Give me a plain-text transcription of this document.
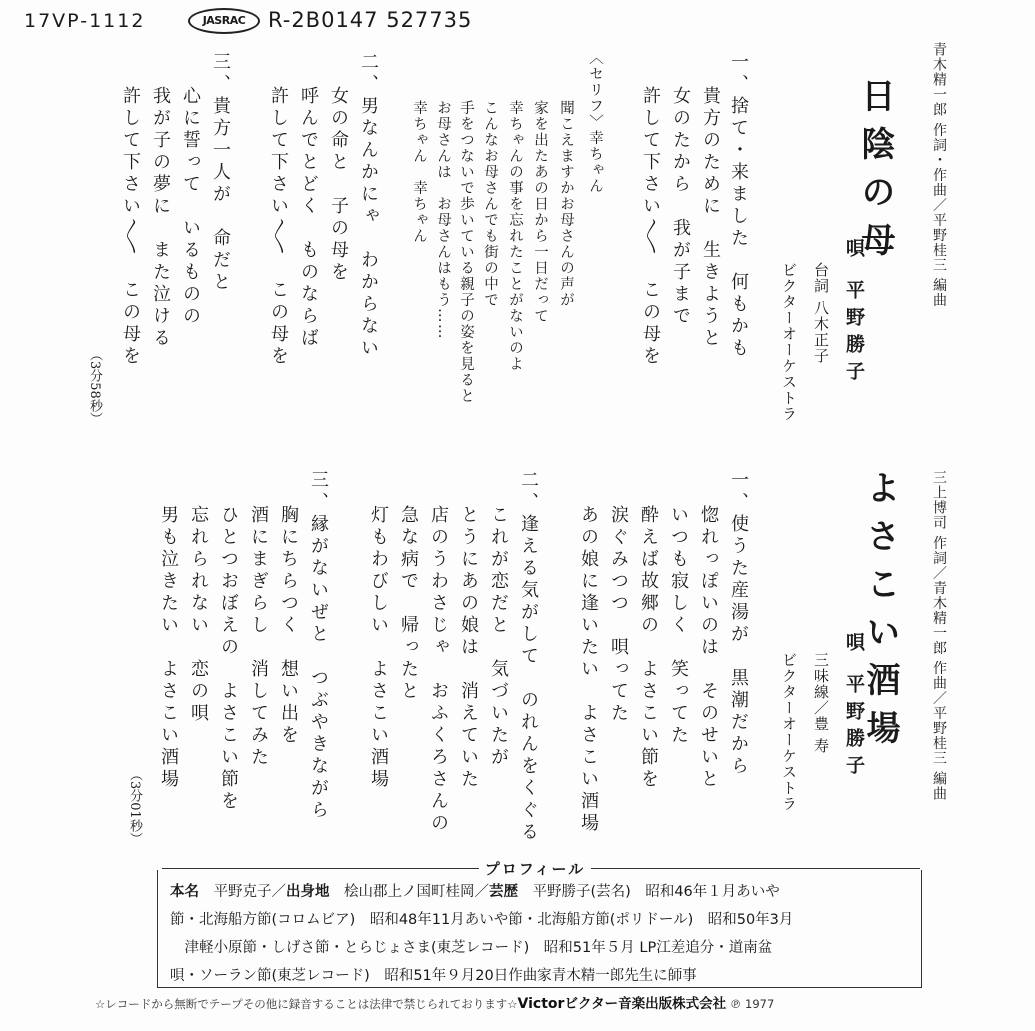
17VP-1112	JASRAC	R-2B0147 527735
青木精一郎 作詞・作曲／平野桂三 編曲
日陰の母
唄 平野勝子
台詞 八木正子
ビクターオーケストラ
（3分58秒）
三上博司 作詞／青木精一郎 作曲／平野桂三 編曲
よさこい酒場
唄 平野勝子
三味線／豊 寿
ビクターオーケストラ
（3分01秒）
一、捨て・来ました　何もかも
貴方のために　生きようと
女のたから　我が子まで
許して下さい〱　この母を
二、男なんかにゃ　わからない
女の命と　子の母を
呼んでとどく　ものならば
許して下さい〱　この母を
三、貴方一人が　命だと
心に誓って　いるものの
我が子の夢に　また泣ける
許して下さい〱　この母を	〈セリフ〉幸ちゃん
聞こえますかお母さんの声が
家を出たあの日から一日だって
幸ちゃんの事を忘れたことがないのよ
こんなお母さんでも街の中で
手をつないで歩いている親子の姿を見ると
お母さんは　お母さんはもう……
幸ちゃん　幸ちゃん
一、使うた産湯が　黒潮だから
惚れっぽいのは　そのせいと
いつも寂しく　笑ってた
酔えば故郷の　よさこい節を
涙ぐみつつ　唄ってた
あの娘に逢いたい　よさこい酒場
二、逢える気がして　のれんをくぐる
これが恋だと　気づいたが
とうにあの娘は　消えていた
店のうわさじゃ　おふくろさんの
急な病で　帰ったと
灯もわびしい　よさこい酒場
三、縁がないぜと　つぶやきながら
胸にちらつく　想い出を
酒にまぎらし　消してみた
ひとつおぼえの　よさこい節を
忘れられない　恋の唄
男も泣きたい　よさこい酒場
プロフィール
本名　 平野克子／出身地　 桧山郡上ノ国町桂岡／芸歴　 平野勝子(芸名)　昭和46年１月あいや
節・北海船方節(コロムビア)　昭和48年11月あいや節・北海船方節(ポリドール)　昭和50年3月
　津軽小原節・しげさ節・とらじょさま(東芝レコード)　昭和51年５月 LP江差追分・道南盆
唄・ソーラン節(東芝レコード)　昭和51年９月20日作曲家青木精一郎先生に師事
☆レコードから無断でテープその他に録音することは法律で禁じられております☆Victorビクター音楽出版株式会社 ℗ 1977
